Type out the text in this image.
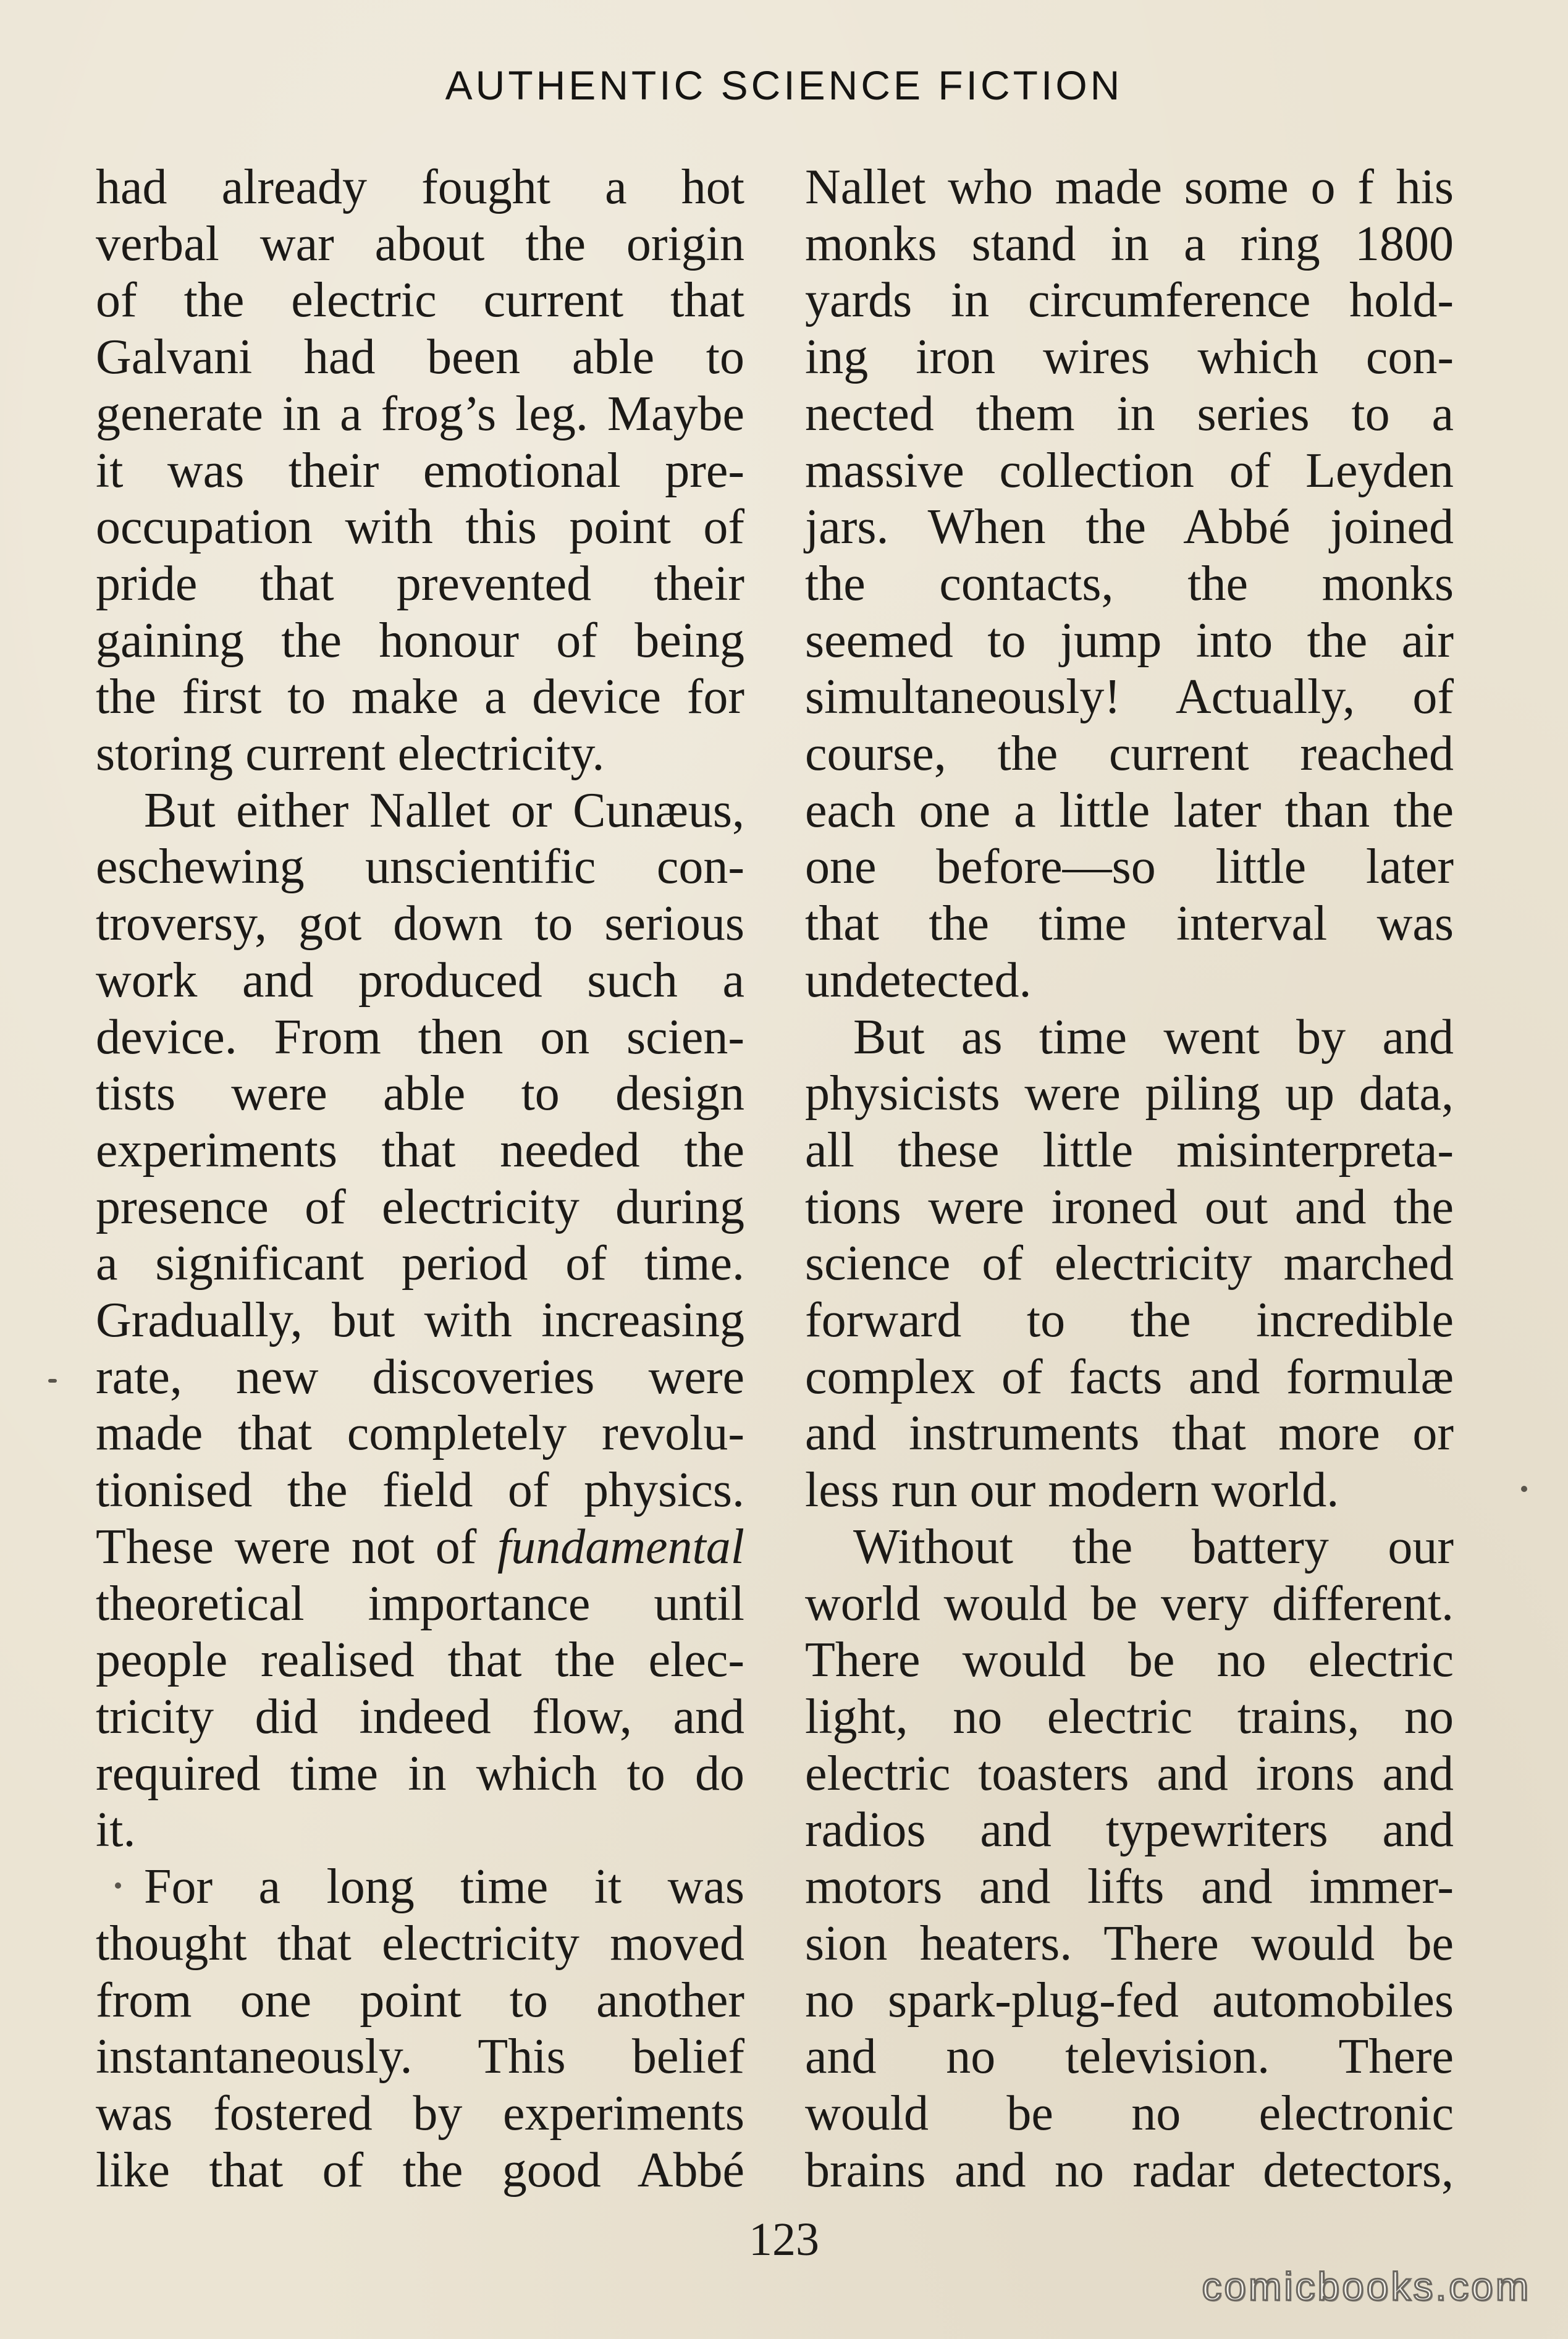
AUTHENTIC SCIENCE FICTION

had already fought a hot
verbal war about the origin
of the electric current that
Galvani had been able to
generate in a frog’s leg. Maybe
it was their emotional pre-
occupation with this point of
pride that prevented their
gaining the honour of being
the first to make a device for

storing current electricity.

But either Nallet or Cunæus,
eschewing unscientific con-
troversy, got down to serious
work and produced such a
device. From then on scien-
tists were able to design
experiments that needed the
presence of electricity during
a significant period of time.
Gradually, but with increasing
rate, new discoveries were
made that completely revolu-
tionised the field of physics.
These were not of fundamental
theoretical importance until
people realised that the elec-
tricity did indeed flow, and
required time in which to do

it.

For a long time it was
thought that electricity moved
from one point to another
instantaneously. This belief
was fostered by experiments
like that of the good Abbé

Nallet who made some o f his
monks stand in a ring 1800
yards in circumference hold-
ing iron wires which con-
nected them in series to a
massive collection of Leyden
jars. When the Abbé joined
the contacts, the monks
seemed to jump into the air
simultaneously! Actually, of
course, the current reached
each one a little later than the
one before—so little later
that the time interval was

undetected.

But as time went by and
physicists were piling up data,
all these little misinterpreta-
tions were ironed out and the
science of electricity marched
forward to the incredible
complex of facts and formulæ
and instruments that more or

less run our modern world.

Without the battery our
world would be very different.
There would be no electric
light, no electric trains, no
electric toasters and irons and
radios and typewriters and
motors and lifts and immer-
sion heaters. There would be
no spark-plug-fed automobiles
and no television. There
would be no electronic
brains and no radar detectors,

123
comicbooks.com
